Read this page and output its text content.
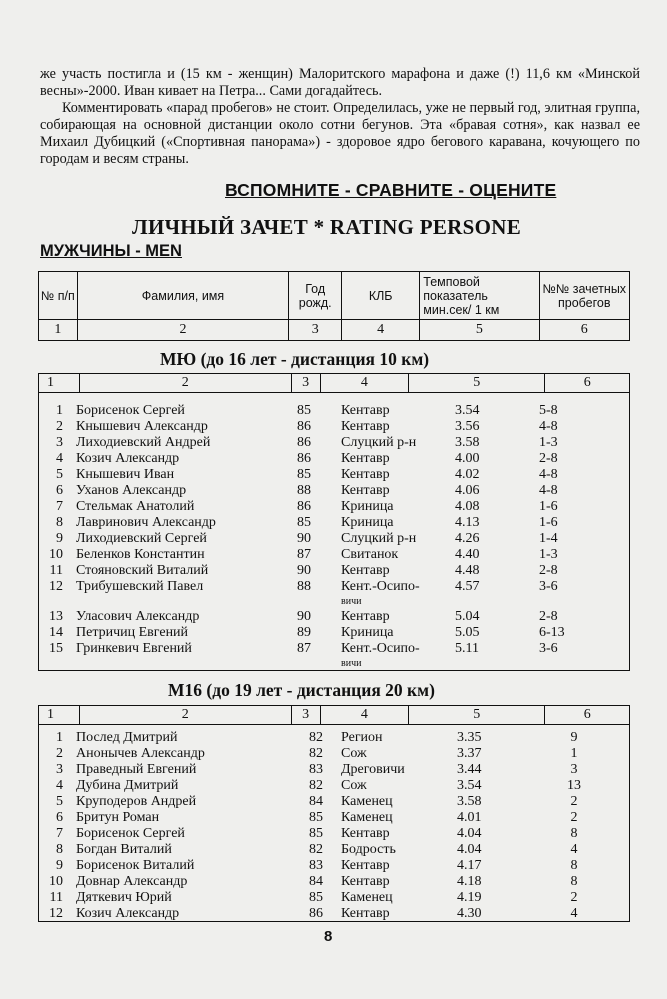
же участь постигла и (15 км - женщин) Малоритского марафона и даже (!) 11,6 км «Минской весны»-2000. Иван кивает на Петра... Сами догадайтесь.

Комментировать «парад пробегов» не стоит. Определилась, уже не первый год, элитная группа, собирающая на основной дистанции около сотни бегунов. Эта «бравая сотня», как назвал ее Михаил Дубицкий («Спортивная панорама») - здоровое ядро бегового каравана, кочующего по городам и весям страны.

ВСПОМНИТЕ - СРАВНИТЕ - ОЦЕНИТЕ
ЛИЧНЫЙ ЗАЧЕТ * RATING PERSONE
МУЖЧИНЫ - MEN
№ п/п	Фамилия, имя	Год рожд.	КЛБ	Темповой показатель мин.сек/ 1 км	№№ зачетных пробегов
1	2	3	4	5	6
МЮ (до 16 лет - дистанция 10 км)
1	2	3	4	5	6
1 Борисенок Сергей	85 Кентавр	3.54	5-8
2 Кнышевич Александр	86 Кентавр	3.56	4-8
3 Лиходиевский Андрей	86 Слуцкий р-н	3.58	1-3
4 Козич Александр	86 Кентавр	4.00	2-8
5 Кнышевич Иван	85 Кентавр	4.02	4-8
6 Уханов Александр	88 Кентавр	4.06	4-8
7 Стельмак Анатолий	86 Криница	4.08	1-6
8 Лавринович Александр	85 Криница	4.13	1-6
9 Лиходиевский Сергей	90 Слуцкий р-н	4.26	1-4
10 Беленков Константин	87 Свитанок	4.40	1-3
11 Стояновский Виталий	90 Кентавр	4.48	2-8
12 Трибушевский Павел	88 Кент.-Осипо-	4.57	3-6
вичи
13 Уласович Александр	90 Кентавр	5.04	2-8
14 Петричиц Евгений	89 Криница	5.05	6-13
15 Гринкевич Евгений	87 Кент.-Осипо-	5.11	3-6
вичи
М16 (до 19 лет - дистанция 20 км)
1	2	3	4	5	6
1 Послед Дмитрий	82 Регион	3.35	9
2 Анонычев Александр	82 Сож	3.37	1
3 Праведный Евгений	83 Дреговичи	3.44	3
4 Дубина Дмитрий	82 Сож	3.54	13
5 Круподеров Андрей	84 Каменец	3.58	2
6 Бритун Роман	85 Каменец	4.01	2
7 Борисенок Сергей	85 Кентавр	4.04	8
8 Богдан Виталий	82 Бодрость	4.04	4
9 Борисенок Виталий	83 Кентавр	4.17	8
10 Довнар Александр	84 Кентавр	4.18	8
11 Дяткевич Юрий	85 Каменец	4.19	2
12 Козич Александр	86 Кентавр	4.30	4
8
